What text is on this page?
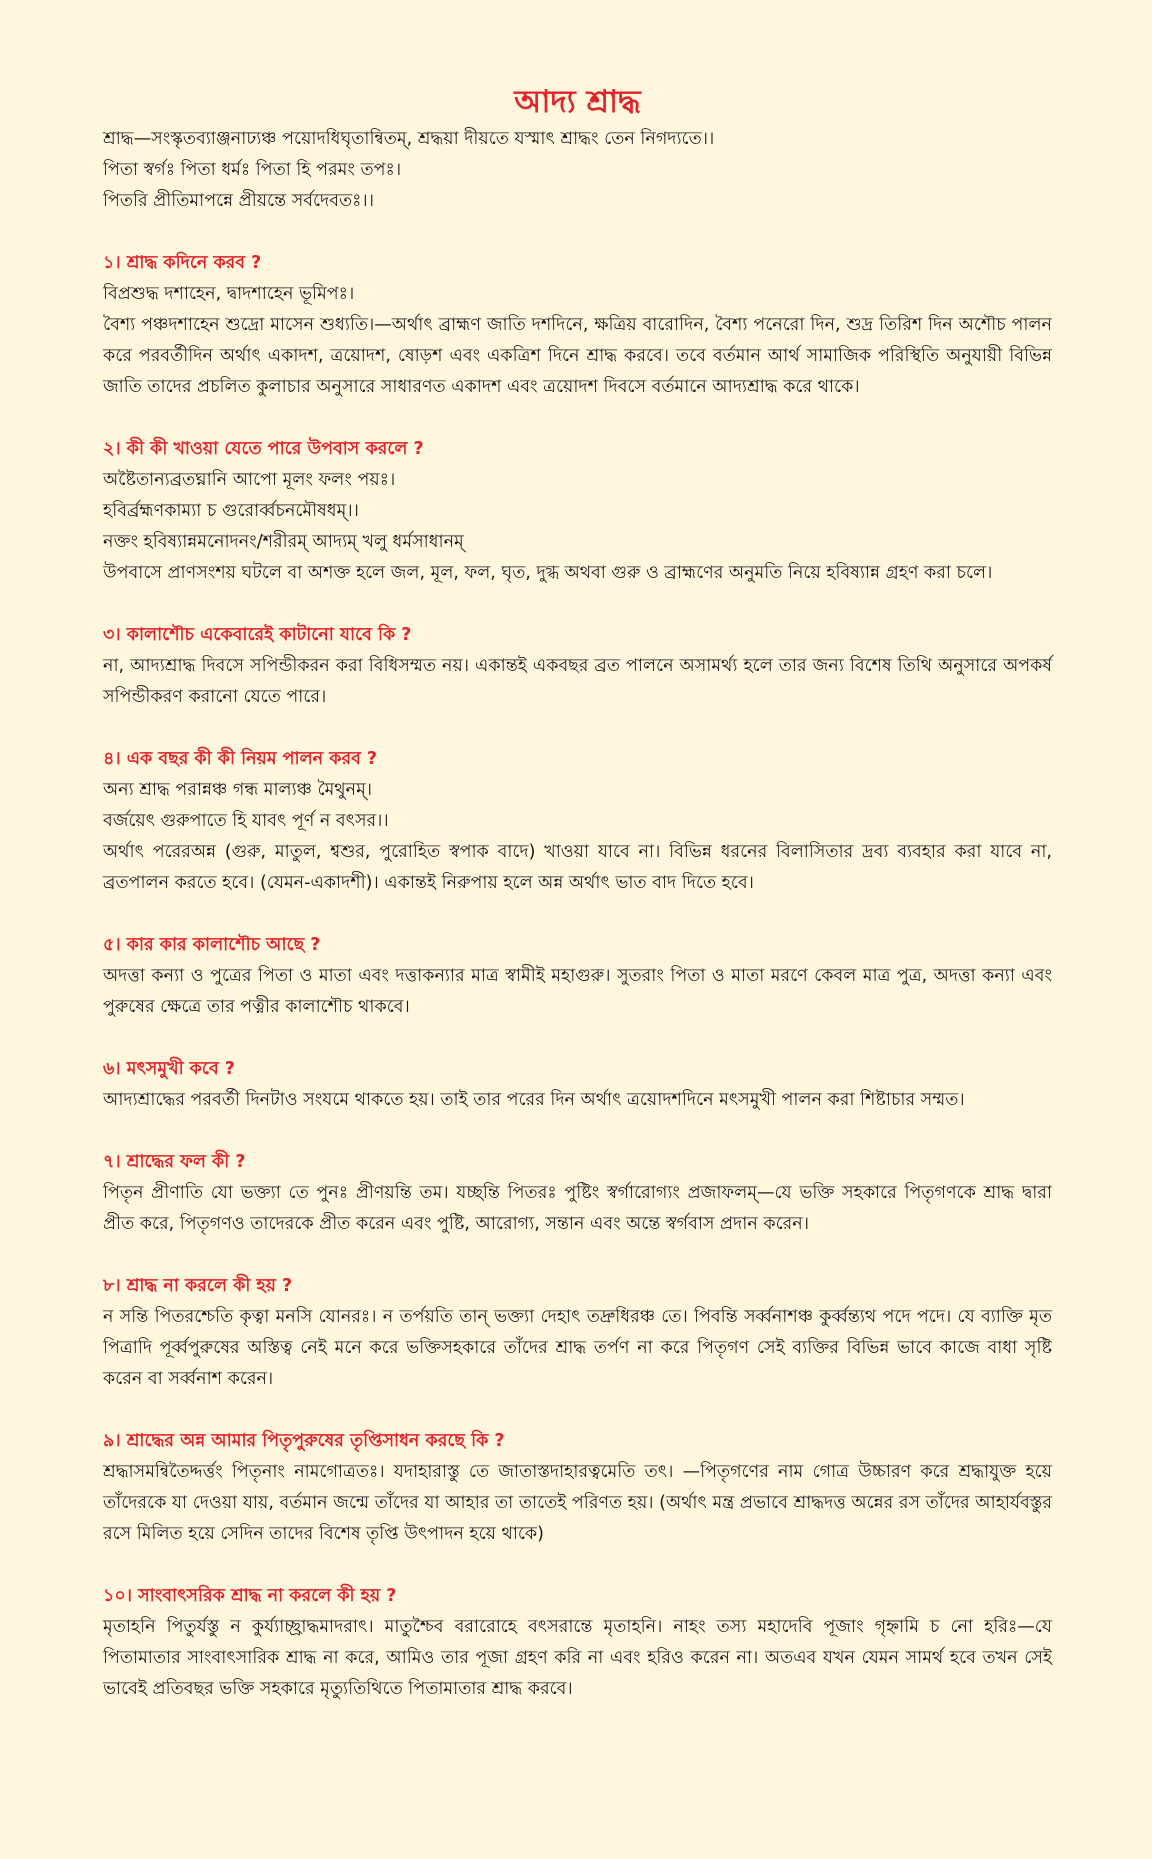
আদ্য শ্রাদ্ধ

শ্রাদ্ধ—সংস্কৃতব্যাঞ্জনাঢ্যঞ্চ পয়োদধিঘৃতান্বিতম্, শ্রদ্ধয়া দীয়তে যস্মাৎ শ্রাদ্ধং তেন নিগদ্যতে।।

পিতা স্বর্গঃ পিতা ধর্মঃ পিতা হি পরমং তপঃ।

পিতরি প্রীতিমাপন্নে প্রীয়ন্তে সর্বদেবতঃ।।

১। শ্রাদ্ধ কদিনে করব ?

বিপ্রশুদ্ধ দশাহেন, দ্বাদশাহেন ভূমিপঃ।

বৈশ্য পঞ্চদশাহেন শুদ্রো মাসেন শুধ্যতি।—অর্থাৎ ব্রাহ্মণ জাতি দশদিনে, ক্ষত্রিয় বারোদিন, বৈশ্য পনেরো দিন, শুদ্র তিরিশ দিন অশৌচ পালন করে পরবর্তীদিন অর্থাৎ একাদশ, ত্রয়োদশ, ষোড়শ এবং একত্রিশ দিনে শ্রাদ্ধ করবে। তবে বর্তমান আর্থ সামাজিক পরিস্থিতি অনুযায়ী বিভিন্ন জাতি তাদের প্রচলিত কুলাচার অনুসারে সাধারণত একাদশ এবং ত্রয়োদশ দিবসে বর্তমানে আদ্যশ্রাদ্ধ করে থাকে।

২। কী কী খাওয়া যেতে পারে উপবাস করলে ?

অষ্টৈতান্যব্রতঘ্নানি আপো মূলং ফলং পয়ঃ।

হবির্ব্রহ্মণকাম্যা চ গুরোর্ব্বচনমৌষধম্।।

নক্তং হবিষ্যান্নমনোদনং/শরীরম্ আদ্যম্ খলু ধর্মসাধানম্

উপবাসে প্রাণসংশয় ঘটলে বা অশক্ত হলে জল, মূল, ফল, ঘৃত, দুগ্ধ অথবা গুরু ও ব্রাহ্মণের অনুমতি নিয়ে হবিষ্যান্ন গ্রহণ করা চলে।

৩। কালাশৌচ একেবারেই কাটানো যাবে কি ?

না, আদ্যশ্রাদ্ধ দিবসে সপিন্ডীকরন করা বিধিসম্মত নয়। একান্তই একবছর ব্রত পালনে অসামর্থ্য হলে তার জন্য বিশেষ তিথি অনুসারে অপকর্ষ সপিন্ডীকরণ করানো যেতে পারে।

৪। এক বছর কী কী নিয়ম পালন করব ?

অন্য শ্রাদ্ধ পরান্নঞ্চ গন্ধ মাল্যঞ্চ মৈথুনম্।

বর্জয়েৎ গুরুপাতে হি যাবৎ পূর্ণ ন বৎসর।।

অর্থাৎ পরেরঅন্ন (গুরু, মাতুল, শ্বশুর, পুরোহিত স্বপাক বাদে) খাওয়া যাবে না। বিভিন্ন ধরনের বিলাসিতার দ্রব্য ব্যবহার করা যাবে না, ব্রতপালন করতে হবে। (যেমন-একাদশী)। একান্তই নিরুপায় হলে অন্ন অর্থাৎ ভাত বাদ দিতে হবে।

৫। কার কার কালাশৌচ আছে ?

অদত্তা কন্যা ও পুত্রের পিতা ও মাতা এবং দত্তাকন্যার মাত্র স্বামীই মহাগুরু। সুতরাং পিতা ও মাতা মরণে কেবল মাত্র পুত্র, অদত্তা কন্যা এবং পুরুষের ক্ষেত্রে তার পত্নীর কালাশৌচ থাকবে।

৬। মৎসমুখী কবে ?

আদ্যশ্রাদ্ধের পরবর্তী দিনটাও সংযমে থাকতে হয়। তাই তার পরের দিন অর্থাৎ ত্রয়োদশদিনে মৎসমুখী পালন করা শিষ্টাচার সম্মত।

৭। শ্রাদ্ধের ফল কী ?

পিতৃন প্রীণাতি যো ভক্ত্যা তে পুনঃ প্রীণয়ন্তি তম। যচ্ছন্তি পিতরঃ পুষ্টিং স্বর্গারোগ্যং প্রজাফলম্—যে ভক্তি সহকারে পিতৃগণকে শ্রাদ্ধ দ্বারা প্রীত করে, পিতৃগণও তাদেরকে প্রীত করেন এবং পুষ্টি, আরোগ্য, সন্তান এবং অন্তে স্বর্গবাস প্রদান করেন।

৮। শ্রাদ্ধ না করলে কী হয় ?

ন সন্তি পিতরশ্চেতি কৃত্বা মনসি যোনরঃ। ন তর্পয়তি তান্‌ ভক্ত্যা দেহাৎ তদ্রুধিরঞ্চ তে। পিবন্তি সর্ব্বনাশঞ্চ কুর্ব্বন্ত্যথ পদে পদে। যে ব্যাক্তি মৃত পিত্রাদি পূর্ব্বপুরুষের অস্তিত্ব নেই মনে করে ভক্তিসহকারে তাঁদের শ্রাদ্ধ তর্পণ না করে পিতৃগণ সেই ব্যক্তির বিভিন্ন ভাবে কাজে বাধা সৃষ্টি করেন বা সর্ব্বনাশ করেন।

৯। শ্রাদ্ধের অন্ন আমার পিতৃপুরুষের তৃপ্তিসাধন করছে কি ?

শ্রদ্ধাসমন্বিতৈদ্দর্ত্তং পিতৃনাং নামগোত্রতঃ। যদাহারাস্তু তে জাতাস্তদাহারত্বমেতি তৎ। —পিতৃগণের নাম গোত্র উচ্চারণ করে শ্রদ্ধাযুক্ত হয়ে তাঁদেরকে যা দেওয়া যায়, বর্তমান জন্মে তাঁদের যা আহার তা তাতেই পরিণত হয়। (অর্থাৎ মন্ত্র প্রভাবে শ্রাদ্ধদত্ত অন্নের রস তাঁদের আহার্যবস্তুর রসে মিলিত হয়ে সেদিন তাদের বিশেষ তৃপ্তি উৎপাদন হয়ে থাকে)

১০। সাংবাৎসরিক শ্রাদ্ধ না করলে কী হয় ?

মৃতাহনি পিতুর্যস্তু ন কুর্য্যাচ্ছ্রাদ্ধমাদরাৎ। মাতুশ্চৈব বরারোহে বৎসরান্তে মৃতাহনি। নাহং তস্য মহাদেবি পূজাং গৃহ্নামি চ নো হরিঃ—যে পিতামাতার সাংবাৎসারিক শ্রাদ্ধ না করে, আমিও তার পূজা গ্রহণ করি না এবং হরিও করেন না। অতএব যখন যেমন সামর্থ হবে তখন সেই ভাবেই প্রতিবছর ভক্তি সহকারে মৃত্যুতিথিতে পিতামাতার শ্রাদ্ধ করবে।
